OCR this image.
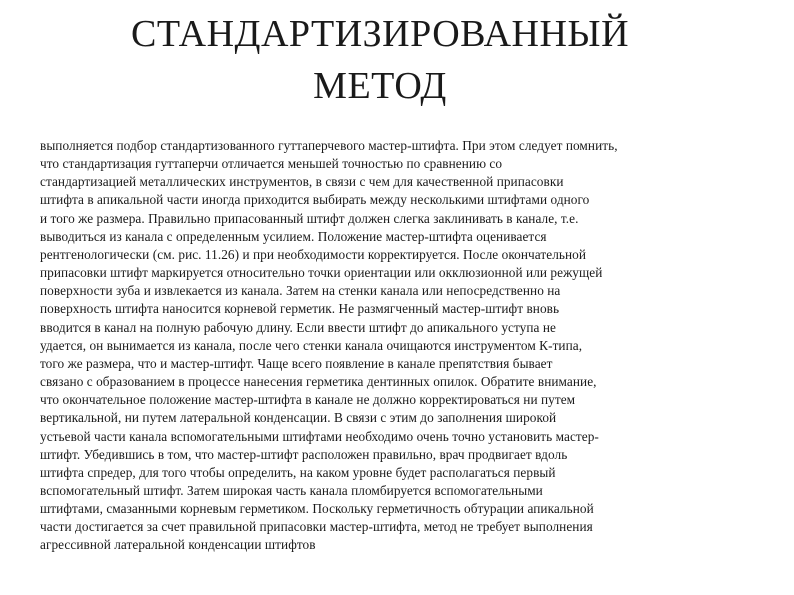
СТАНДАРТИЗИРОВАННЫЙ
МЕТОД

выполняется подбор стандартизованного гуттаперчевого мастер-штифта. При этом следует помнить,
что стандартизация гуттаперчи отличается меньшей точностью по сравнению со
стандартизацией металлических инструментов, в связи с чем для качественной припасовки
штифта в апикальной части иногда приходится выбирать между несколькими штифтами одного
и того же размера. Правильно припасованный штифт должен слегка заклинивать в канале, т.е.
выводиться из канала с определенным усилием. Положение мастер-штифта оценивается
рентгенологически (см. рис. 11.26) и при необходимости корректируется. После окончательной
припасовки штифт маркируется относительно точки ориентации или окклюзионной или режущей
поверхности зуба и извлекается из канала. Затем на стенки канала или непосредственно на
поверхность штифта наносится корневой герметик. Не размягченный мастер-штифт вновь
вводится в канал на полную рабочую длину. Если ввести штифт до апикального уступа не
удается, он вынимается из канала, после чего стенки канала очищаются инструментом К-типа,
того же размера, что и мастер-штифт. Чаще всего появление в канале препятствия бывает
связано с образованием в процессе нанесения герметика дентинных опилок. Обратите внимание,
что окончательное положение мастер-штифта в канале не должно корректироваться ни путем
вертикальной, ни путем латеральной конденсации. В связи с этим до заполнения широкой
устьевой части канала вспомогательными штифтами необходимо очень точно установить мастер-
штифт. Убедившись в том, что мастер-штифт расположен правильно, врач продвигает вдоль
штифта спредер, для того чтобы определить, на каком уровне будет располагаться первый
вспомогательный штифт. Затем широкая часть канала пломбируется вспомогательными
штифтами, смазанными корневым герметиком. Поскольку герметичность обтурации апикальной
части достигается за счет правильной припасовки мастер-штифта, метод не требует выполнения
агрессивной латеральной конденсации штифтов
